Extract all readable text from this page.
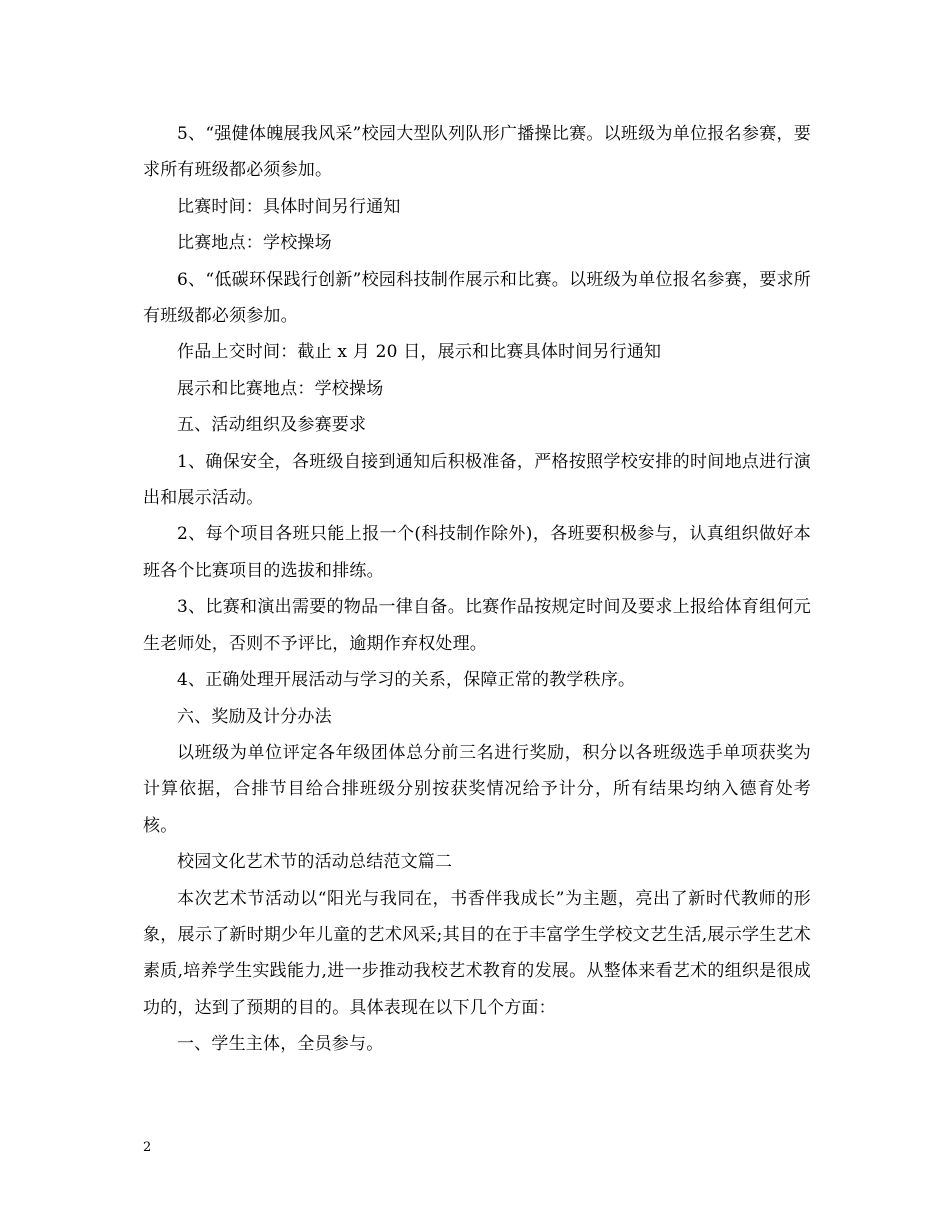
5、“强健体魄展我风采”校园大型队列队形广播操比赛。以班级为单位报名参赛，要求所有班级都必须参加。

比赛时间：具体时间另行通知

比赛地点：学校操场

6、“低碳环保践行创新”校园科技制作展示和比赛。以班级为单位报名参赛，要求所有班级都必须参加。

作品上交时间：截止 x 月 20 日，展示和比赛具体时间另行通知

展示和比赛地点：学校操场

五、活动组织及参赛要求

1、确保安全，各班级自接到通知后积极准备，严格按照学校安排的时间地点进行演出和展示活动。

2、每个项目各班只能上报一个(科技制作除外)，各班要积极参与，认真组织做好本班各个比赛项目的选拔和排练。

3、比赛和演出需要的物品一律自备。比赛作品按规定时间及要求上报给体育组何元生老师处，否则不予评比，逾期作弃权处理。

4、正确处理开展活动与学习的关系，保障正常的教学秩序。

六、奖励及计分办法

以班级为单位评定各年级团体总分前三名进行奖励，积分以各班级选手单项获奖为计算依据，合排节目给合排班级分别按获奖情况给予计分，所有结果均纳入德育处考核。

校园文化艺术节的活动总结范文篇二

本次艺术节活动以“阳光与我同在，书香伴我成长”为主题，亮出了新时代教师的形象，展示了新时期少年儿童的艺术风采;其目的在于丰富学生学校文艺生活,展示学生艺术素质,培养学生实践能力,进一步推动我校艺术教育的发展。从整体来看艺术的组织是很成功的，达到了预期的目的。具体表现在以下几个方面：

一、学生主体，全员参与。

2
